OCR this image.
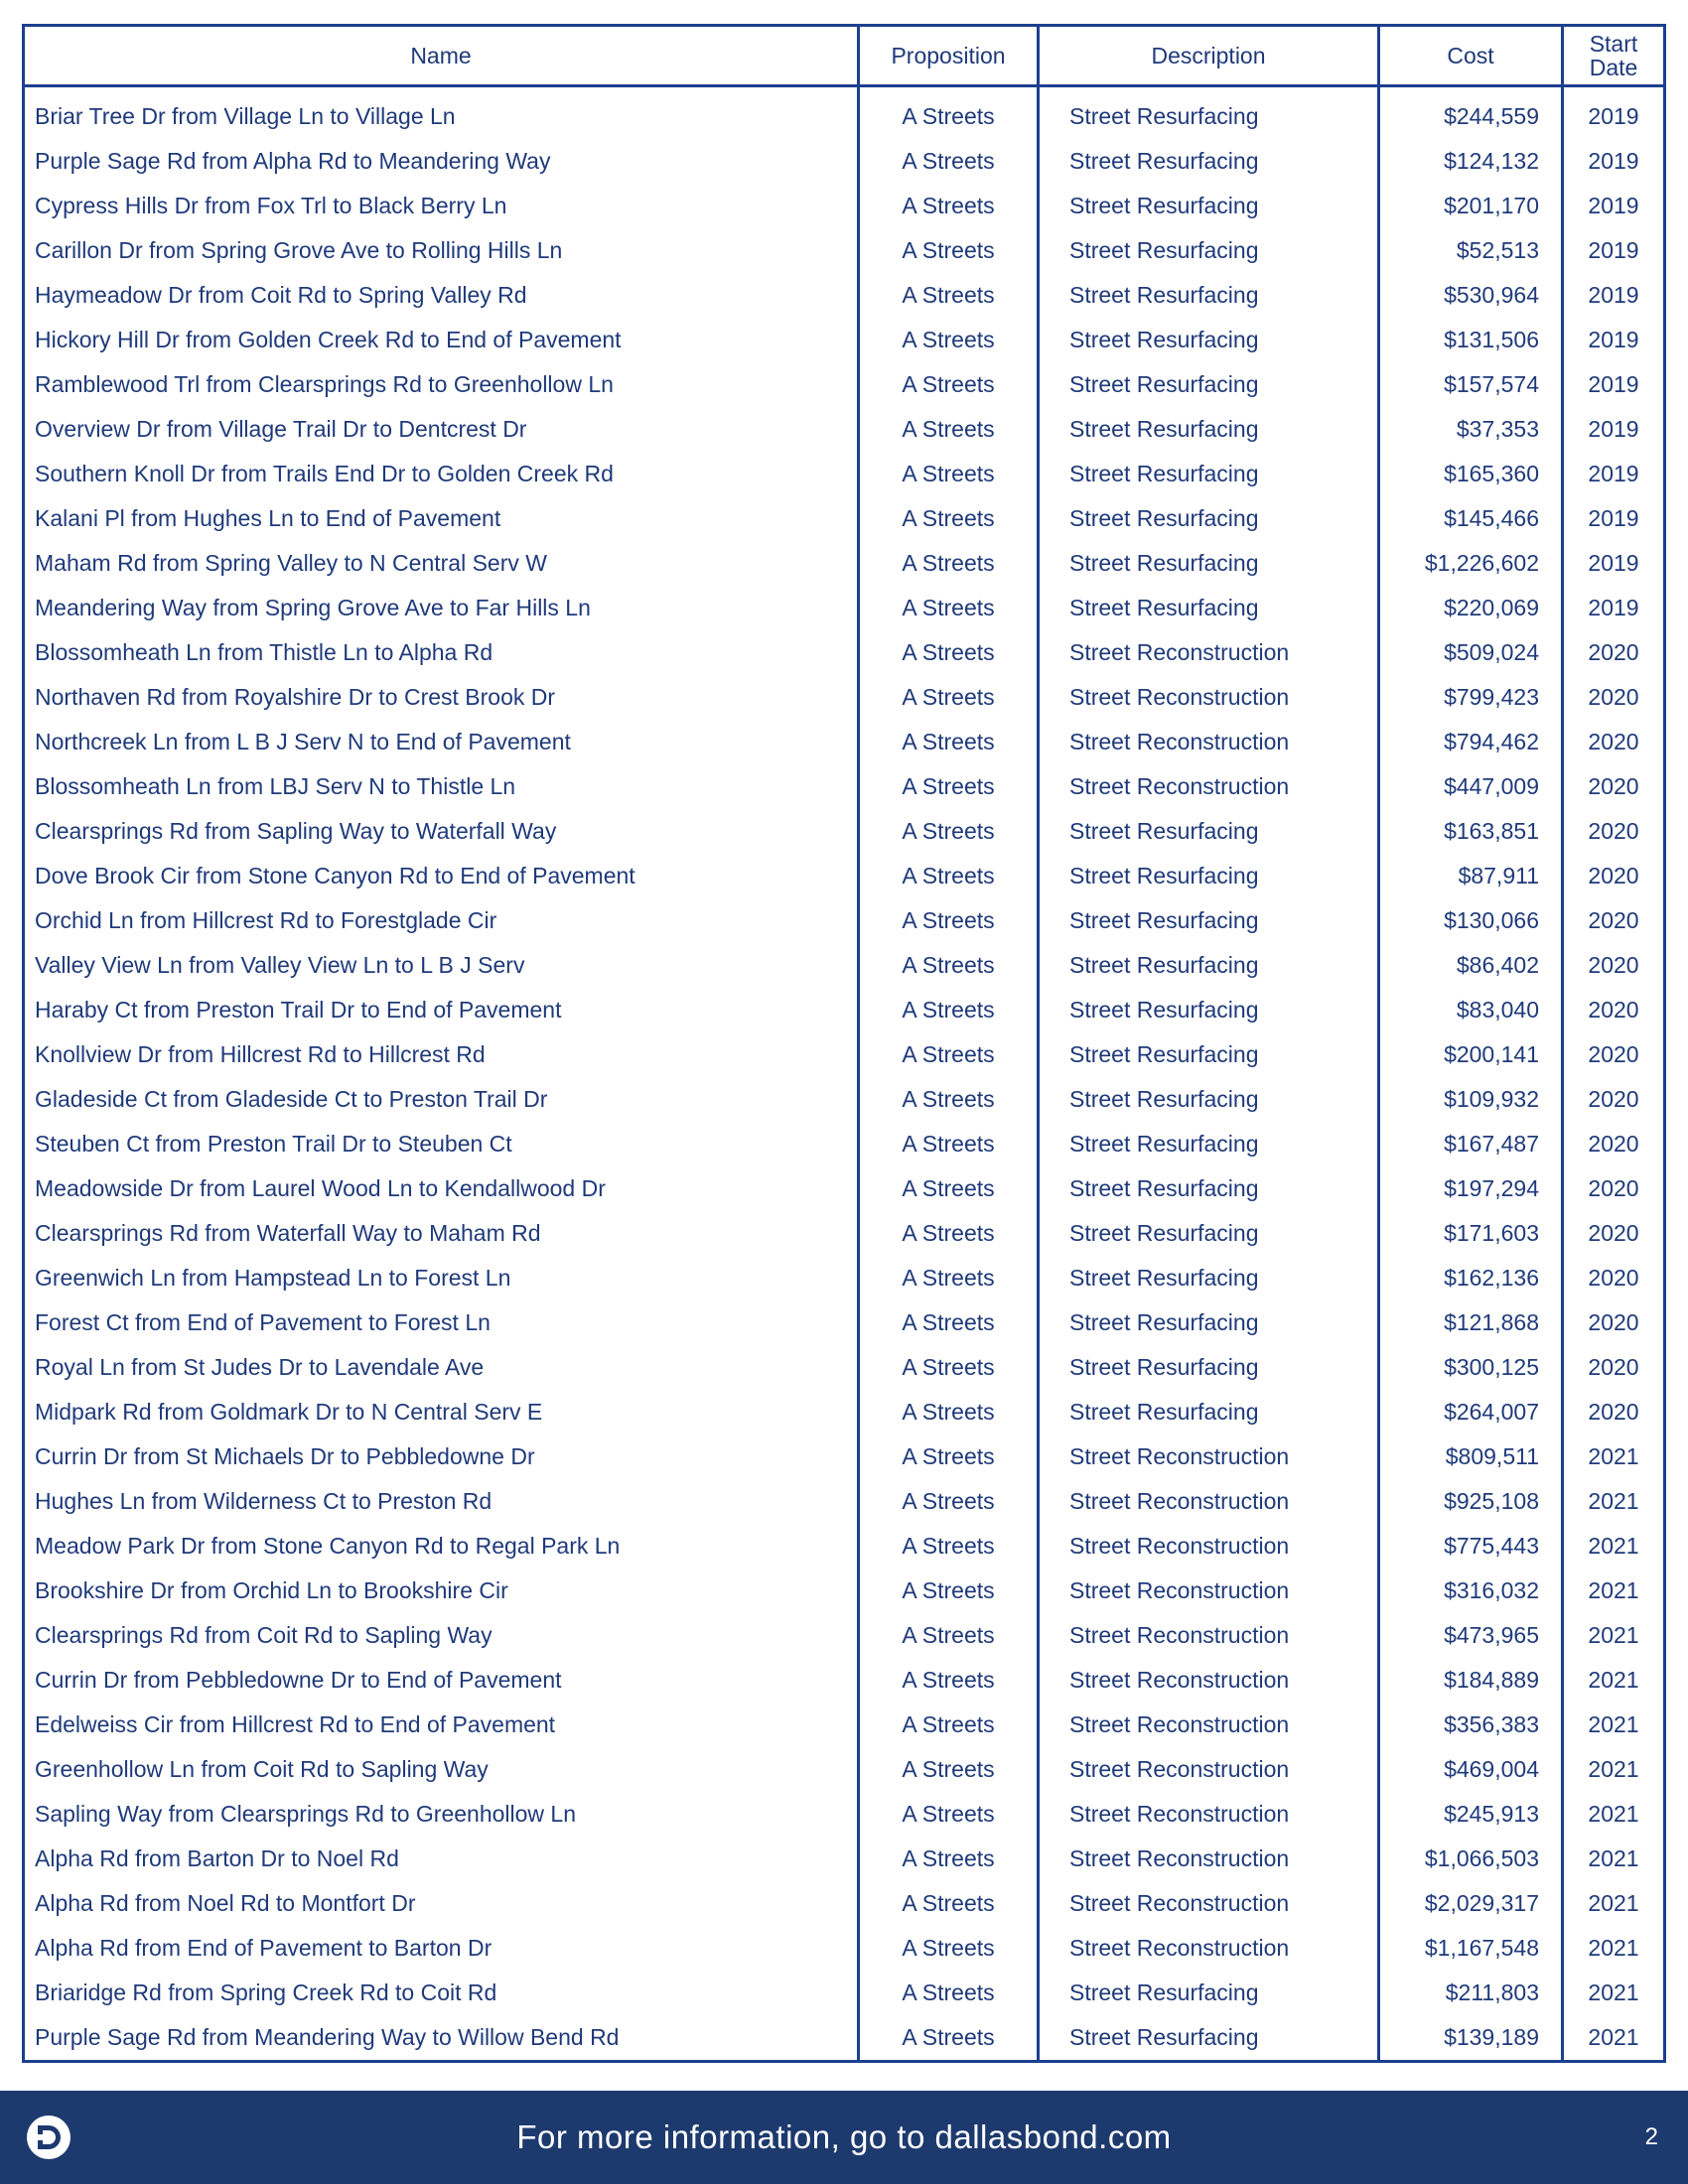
Name	Proposition	Description	Cost	Start Date
Briar Tree Dr from Village Ln to Village Ln	A Streets	Street Resurfacing	$244,559	2019
Purple Sage Rd from Alpha Rd to Meandering Way	A Streets	Street Resurfacing	$124,132	2019
Cypress Hills Dr from Fox Trl to Black Berry Ln	A Streets	Street Resurfacing	$201,170	2019
Carillon Dr from Spring Grove Ave to Rolling Hills Ln	A Streets	Street Resurfacing	$52,513	2019
Haymeadow Dr from Coit Rd to Spring Valley Rd	A Streets	Street Resurfacing	$530,964	2019
Hickory Hill Dr from Golden Creek Rd to End of Pavement	A Streets	Street Resurfacing	$131,506	2019
Ramblewood Trl from Clearsprings Rd to Greenhollow Ln	A Streets	Street Resurfacing	$157,574	2019
Overview Dr from Village Trail Dr to Dentcrest Dr	A Streets	Street Resurfacing	$37,353	2019
Southern Knoll Dr from Trails End Dr to Golden Creek Rd	A Streets	Street Resurfacing	$165,360	2019
Kalani Pl from Hughes Ln to End of Pavement	A Streets	Street Resurfacing	$145,466	2019
Maham Rd from Spring Valley to N Central Serv W	A Streets	Street Resurfacing	$1,226,602	2019
Meandering Way from Spring Grove Ave to Far Hills Ln	A Streets	Street Resurfacing	$220,069	2019
Blossomheath Ln from Thistle Ln to Alpha Rd	A Streets	Street Reconstruction	$509,024	2020
Northaven Rd from Royalshire Dr to Crest Brook Dr	A Streets	Street Reconstruction	$799,423	2020
Northcreek Ln from L B J Serv N to End of Pavement	A Streets	Street Reconstruction	$794,462	2020
Blossomheath Ln from LBJ Serv N to Thistle Ln	A Streets	Street Reconstruction	$447,009	2020
Clearsprings Rd from Sapling Way to Waterfall Way	A Streets	Street Resurfacing	$163,851	2020
Dove Brook Cir from Stone Canyon Rd to End of Pavement	A Streets	Street Resurfacing	$87,911	2020
Orchid Ln from Hillcrest Rd to Forestglade Cir	A Streets	Street Resurfacing	$130,066	2020
Valley View Ln from Valley View Ln to L B J Serv	A Streets	Street Resurfacing	$86,402	2020
Haraby Ct from Preston Trail Dr to End of Pavement	A Streets	Street Resurfacing	$83,040	2020
Knollview Dr from Hillcrest Rd to Hillcrest Rd	A Streets	Street Resurfacing	$200,141	2020
Gladeside Ct from Gladeside Ct to Preston Trail Dr	A Streets	Street Resurfacing	$109,932	2020
Steuben Ct from Preston Trail Dr to Steuben Ct	A Streets	Street Resurfacing	$167,487	2020
Meadowside Dr from Laurel Wood Ln to Kendallwood Dr	A Streets	Street Resurfacing	$197,294	2020
Clearsprings Rd from Waterfall Way to Maham Rd	A Streets	Street Resurfacing	$171,603	2020
Greenwich Ln from Hampstead Ln to Forest Ln	A Streets	Street Resurfacing	$162,136	2020
Forest Ct from End of Pavement to Forest Ln	A Streets	Street Resurfacing	$121,868	2020
Royal Ln from St Judes Dr to Lavendale Ave	A Streets	Street Resurfacing	$300,125	2020
Midpark Rd from Goldmark Dr to N Central Serv E	A Streets	Street Resurfacing	$264,007	2020
Currin Dr from St Michaels Dr to Pebbledowne Dr	A Streets	Street Reconstruction	$809,511	2021
Hughes Ln from Wilderness Ct to Preston Rd	A Streets	Street Reconstruction	$925,108	2021
Meadow Park Dr from Stone Canyon Rd to Regal Park Ln	A Streets	Street Reconstruction	$775,443	2021
Brookshire Dr from Orchid Ln to Brookshire Cir	A Streets	Street Reconstruction	$316,032	2021
Clearsprings Rd from Coit Rd to Sapling Way	A Streets	Street Reconstruction	$473,965	2021
Currin Dr from Pebbledowne Dr to End of Pavement	A Streets	Street Reconstruction	$184,889	2021
Edelweiss Cir from Hillcrest Rd to End of Pavement	A Streets	Street Reconstruction	$356,383	2021
Greenhollow Ln from Coit Rd to Sapling Way	A Streets	Street Reconstruction	$469,004	2021
Sapling Way from Clearsprings Rd to Greenhollow Ln	A Streets	Street Reconstruction	$245,913	2021
Alpha Rd from Barton Dr to Noel Rd	A Streets	Street Reconstruction	$1,066,503	2021
Alpha Rd from Noel Rd to Montfort Dr	A Streets	Street Reconstruction	$2,029,317	2021
Alpha Rd from End of Pavement to Barton Dr	A Streets	Street Reconstruction	$1,167,548	2021
Briaridge Rd from Spring Creek Rd to Coit Rd	A Streets	Street Resurfacing	$211,803	2021
Purple Sage Rd from Meandering Way to Willow Bend Rd	A Streets	Street Resurfacing	$139,189	2021
For more information, go to dallasbond.com	2
